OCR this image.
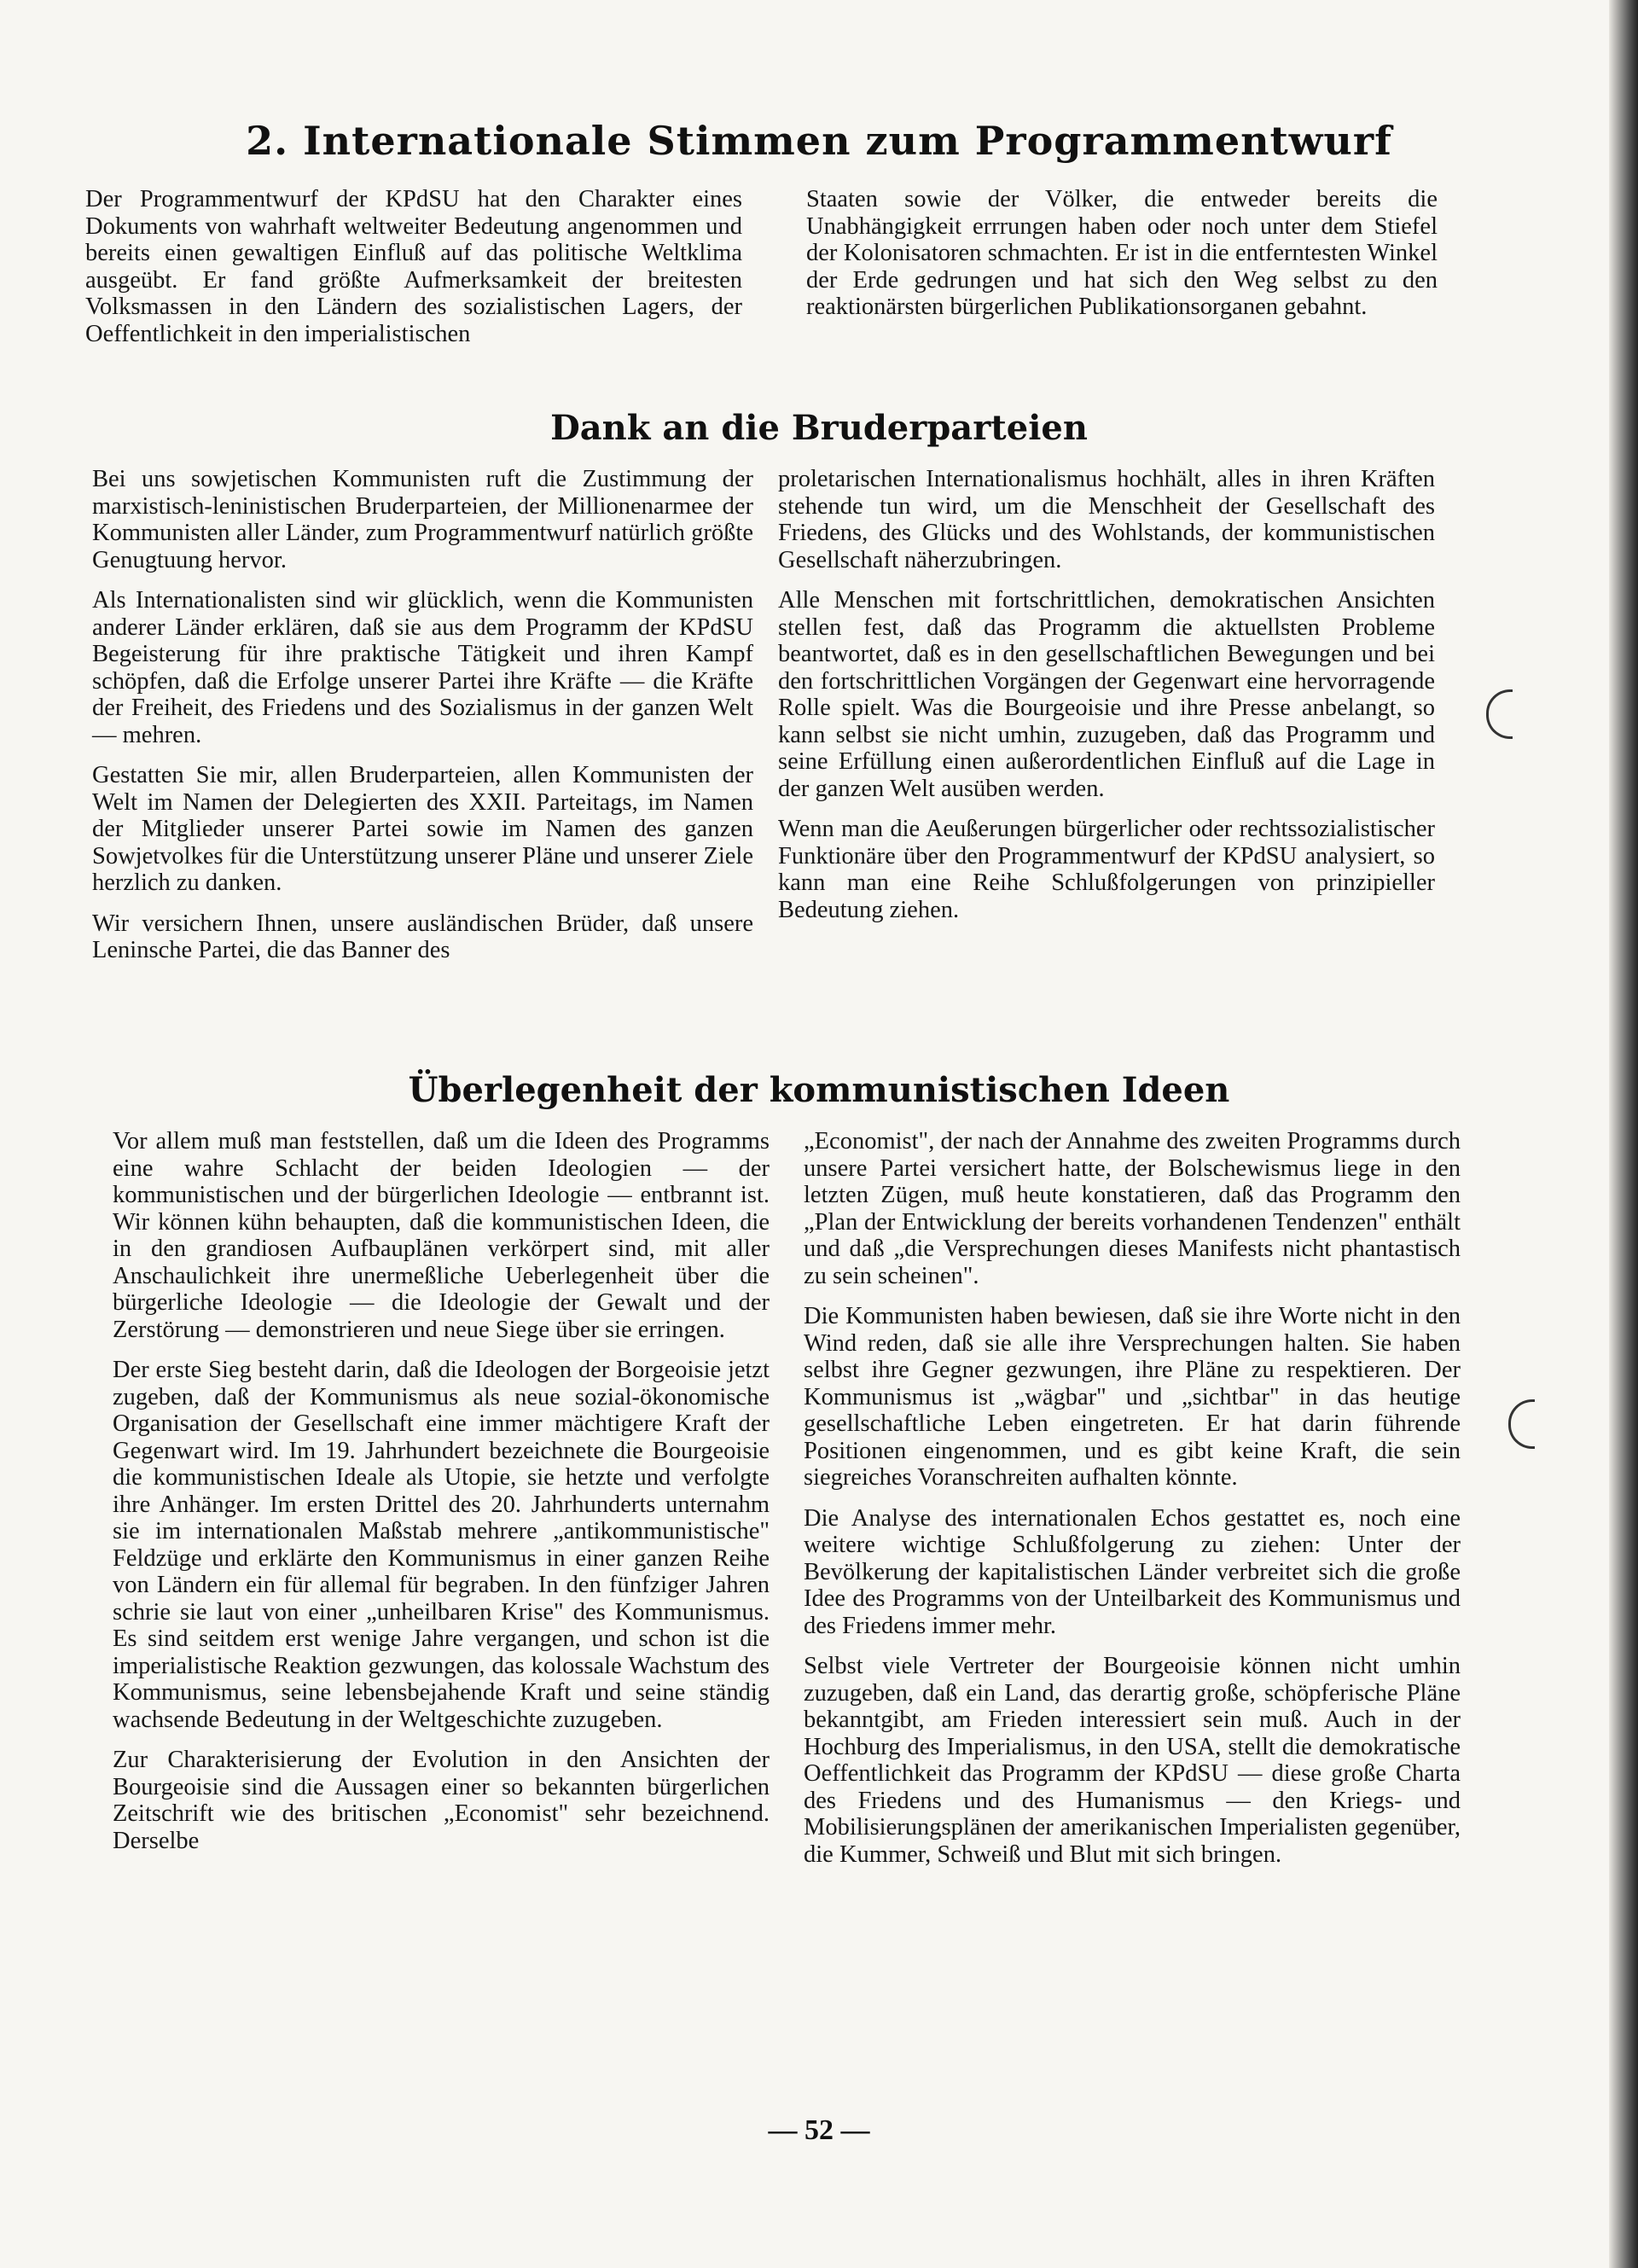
2. Internationale Stimmen zum Programmentwurf

Der Programmentwurf der KPdSU hat den Charakter eines Dokuments von wahrhaft weltweiter Bedeutung angenommen und bereits einen gewaltigen Einfluß auf das politische Weltklima ausgeübt. Er fand größte Aufmerksamkeit der breitesten Volksmassen in den Ländern des sozialistischen Lagers, der Oeffentlichkeit in den imperialistischen

Staaten sowie der Völker, die entweder bereits die Unabhängigkeit errrungen haben oder noch unter dem Stiefel der Kolonisatoren schmachten. Er ist in die entferntesten Winkel der Erde gedrungen und hat sich den Weg selbst zu den reaktionärsten bürgerlichen Publikationsorganen gebahnt.

Dank an die Bruderparteien

Bei uns sowjetischen Kommunisten ruft die Zustimmung der marxistisch-leninistischen Bruderparteien, der Millionenarmee der Kommunisten aller Länder, zum Programmentwurf natürlich größte Genugtuung hervor.

Als Internationalisten sind wir glücklich, wenn die Kommunisten anderer Länder erklären, daß sie aus dem Programm der KPdSU Begeisterung für ihre praktische Tätigkeit und ihren Kampf schöpfen, daß die Erfolge unserer Partei ihre Kräfte — die Kräfte der Freiheit, des Friedens und des Sozialismus in der ganzen Welt — mehren.

Gestatten Sie mir, allen Bruderparteien, allen Kommunisten der Welt im Namen der Delegierten des XXII. Parteitags, im Namen der Mitglieder unserer Partei sowie im Namen des ganzen Sowjetvolkes für die Unterstützung unserer Pläne und unserer Ziele herzlich zu danken.

Wir versichern Ihnen, unsere ausländischen Brüder, daß unsere Leninsche Partei, die das Banner des

proletarischen Internationalismus hochhält, alles in ihren Kräften stehende tun wird, um die Menschheit der Gesellschaft des Friedens, des Glücks und des Wohlstands, der kommunistischen Gesellschaft näherzubringen.

Alle Menschen mit fortschrittlichen, demokratischen Ansichten stellen fest, daß das Programm die aktuellsten Probleme beantwortet, daß es in den gesellschaftlichen Bewegungen und bei den fortschrittlichen Vorgängen der Gegenwart eine hervorragende Rolle spielt. Was die Bourgeoisie und ihre Presse anbelangt, so kann selbst sie nicht umhin, zuzugeben, daß das Programm und seine Erfüllung einen außerordentlichen Einfluß auf die Lage in der ganzen Welt ausüben werden.

Wenn man die Aeußerungen bürgerlicher oder rechtssozialistischer Funktionäre über den Programmentwurf der KPdSU analysiert, so kann man eine Reihe Schlußfolgerungen von prinzipieller Bedeutung ziehen.

Überlegenheit der kommunistischen Ideen

Vor allem muß man feststellen, daß um die Ideen des Programms eine wahre Schlacht der beiden Ideologien — der kommunistischen und der bürgerlichen Ideologie — entbrannt ist. Wir können kühn behaupten, daß die kommunistischen Ideen, die in den grandiosen Aufbauplänen verkörpert sind, mit aller Anschaulichkeit ihre unermeßliche Ueberlegenheit über die bürgerliche Ideologie — die Ideologie der Gewalt und der Zerstörung — demonstrieren und neue Siege über sie erringen.

Der erste Sieg besteht darin, daß die Ideologen der Borgeoisie jetzt zugeben, daß der Kommunismus als neue sozial-ökonomische Organisation der Gesellschaft eine immer mächtigere Kraft der Gegenwart wird. Im 19. Jahrhundert bezeichnete die Bourgeoisie die kommunistischen Ideale als Utopie, sie hetzte und verfolgte ihre Anhänger. Im ersten Drittel des 20. Jahrhunderts unternahm sie im internationalen Maßstab mehrere „antikommunistische" Feldzüge und erklärte den Kommunismus in einer ganzen Reihe von Ländern ein für allemal für begraben. In den fünfziger Jahren schrie sie laut von einer „unheilbaren Krise" des Kommunismus. Es sind seitdem erst wenige Jahre vergangen, und schon ist die imperialistische Reaktion gezwungen, das kolossale Wachstum des Kommunismus, seine lebensbejahende Kraft und seine ständig wachsende Bedeutung in der Weltgeschichte zuzugeben.

Zur Charakterisierung der Evolution in den Ansichten der Bourgeoisie sind die Aussagen einer so bekannten bürgerlichen Zeitschrift wie des britischen „Economist" sehr bezeichnend. Derselbe

„Economist", der nach der Annahme des zweiten Programms durch unsere Partei versichert hatte, der Bolschewismus liege in den letzten Zügen, muß heute konstatieren, daß das Programm den „Plan der Entwicklung der bereits vorhandenen Tendenzen" enthält und daß „die Versprechungen dieses Manifests nicht phantastisch zu sein scheinen".

Die Kommunisten haben bewiesen, daß sie ihre Worte nicht in den Wind reden, daß sie alle ihre Versprechungen halten. Sie haben selbst ihre Gegner gezwungen, ihre Pläne zu respektieren. Der Kommunismus ist „wägbar" und „sichtbar" in das heutige gesellschaftliche Leben eingetreten. Er hat darin führende Positionen eingenommen, und es gibt keine Kraft, die sein siegreiches Voranschreiten aufhalten könnte.

Die Analyse des internationalen Echos gestattet es, noch eine weitere wichtige Schlußfolgerung zu ziehen: Unter der Bevölkerung der kapitalistischen Länder verbreitet sich die große Idee des Programms von der Unteilbarkeit des Kommunismus und des Friedens immer mehr.

Selbst viele Vertreter der Bourgeoisie können nicht umhin zuzugeben, daß ein Land, das derartig große, schöpferische Pläne bekanntgibt, am Frieden interessiert sein muß. Auch in der Hochburg des Imperialismus, in den USA, stellt die demokratische Oeffentlichkeit das Programm der KPdSU — diese große Charta des Friedens und des Humanismus — den Kriegs- und Mobilisierungsplänen der amerikanischen Imperialisten gegenüber, die Kummer, Schweiß und Blut mit sich bringen.

— 52 —
